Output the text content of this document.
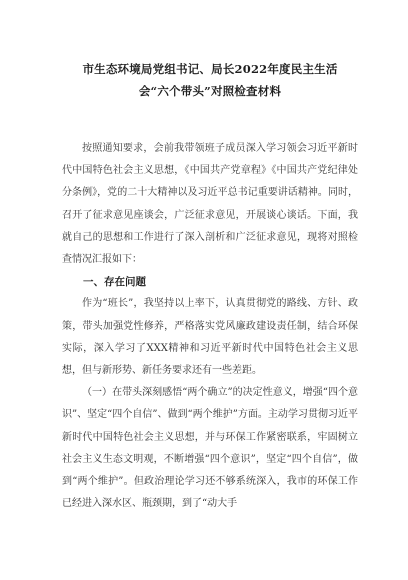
市生态环境局党组书记、局长2022年度民主生活会“六个带头”对照检查材料

按照通知要求，会前我带领班子成员深入学习领会习近平新时代中国特色社会主义思想，《中国共产党章程》《中国共产党纪律处分条例》，党的二十大精神以及习近平总书记重要讲话精神。同时，召开了征求意见座谈会，广泛征求意见，开展谈心谈话。下面，我就自己的思想和工作进行了深入剖析和广泛征求意见，现将对照检查情况汇报如下：

一、存在问题

作为“班长”，我坚持以上率下，认真贯彻党的路线、方针、政策，带头加强党性修养，严格落实党风廉政建设责任制，结合环保实际，深入学习了XXX精神和习近平新时代中国特色社会主义思想，但与新形势、新任务要求还有一些差距。

（一）在带头深刻感悟“两个确立”的决定性意义，增强“四个意识”、坚定“四个自信”、做到“两个维护”方面。主动学习贯彻习近平新时代中国特色社会主义思想，并与环保工作紧密联系，牢固树立社会主义生态文明观，不断增强“四个意识”，坚定“四个自信”，做到“两个维护”。但政治理论学习还不够系统深入，我市的环保工作已经进入深水区、瓶颈期，到了“动大手
